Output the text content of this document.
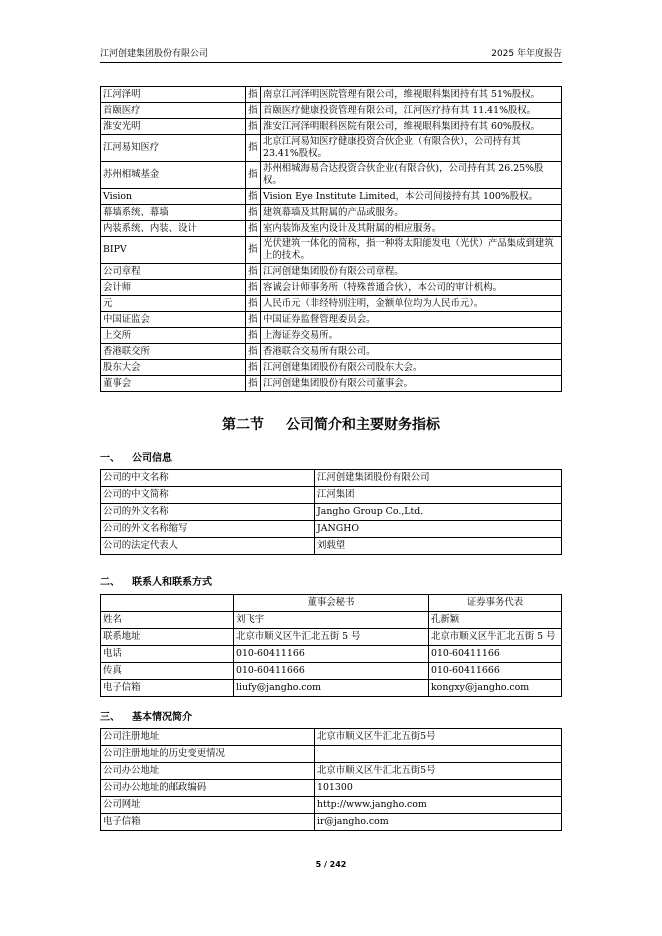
江河创建集团股份有限公司	2025 年年度报告
江河泽明	指	南京江河泽明医院管理有限公司，维视眼科集团持有其 51%股权。
首颐医疗	指	首颐医疗健康投资管理有限公司，江河医疗持有其 11.41%股权。
淮安光明	指	淮安江河泽明眼科医院有限公司，维视眼科集团持有其 60%股权。
江河易知医疗	指	北京江河易知医疗健康投资合伙企业（有限合伙），公司持有其 23.41%股权。
苏州相城基金	指	苏州相城海易合达投资合伙企业(有限合伙)，公司持有其 26.25%股权。
Vision	指	Vision Eye Institute Limited，本公司间接持有其 100%股权。
幕墙系统、幕墙	指	建筑幕墙及其附属的产品或服务。
内装系统、内装、设计	指	室内装饰及室内设计及其附属的相应服务。
BIPV	指	光伏建筑一体化的简称，指一种将太阳能发电（光伏）产品集成到建筑上的技术。
公司章程	指	江河创建集团股份有限公司章程。
会计师	指	容诚会计师事务所（特殊普通合伙），本公司的审计机构。
元	指	人民币元（非经特别注明，金额单位均为人民币元）。
中国证监会	指	中国证券监督管理委员会。
上交所	指	上海证券交易所。
香港联交所	指	香港联合交易所有限公司。
股东大会	指	江河创建集团股份有限公司股东大会。
董事会	指	江河创建集团股份有限公司董事会。
第二节 公司简介和主要财务指标
一、 公司信息
公司的中文名称	江河创建集团股份有限公司
公司的中文简称	江河集团
公司的外文名称	Jangho Group Co.,Ltd.
公司的外文名称缩写	JANGHO
公司的法定代表人	刘载望
二、 联系人和联系方式
	董事会秘书	证券事务代表
姓名	刘飞宇	孔新颖
联系地址	北京市顺义区牛汇北五街 5 号	北京市顺义区牛汇北五街 5 号
电话	010-60411166	010-60411166
传真	010-60411666	010-60411666
电子信箱	liufy@jangho.com	kongxy@jangho.com
三、 基本情况简介
公司注册地址	北京市顺义区牛汇北五街5号
公司注册地址的历史变更情况	
公司办公地址	北京市顺义区牛汇北五街5号
公司办公地址的邮政编码	101300
公司网址	http://www.jangho.com
电子信箱	ir@jangho.com
5 / 242
